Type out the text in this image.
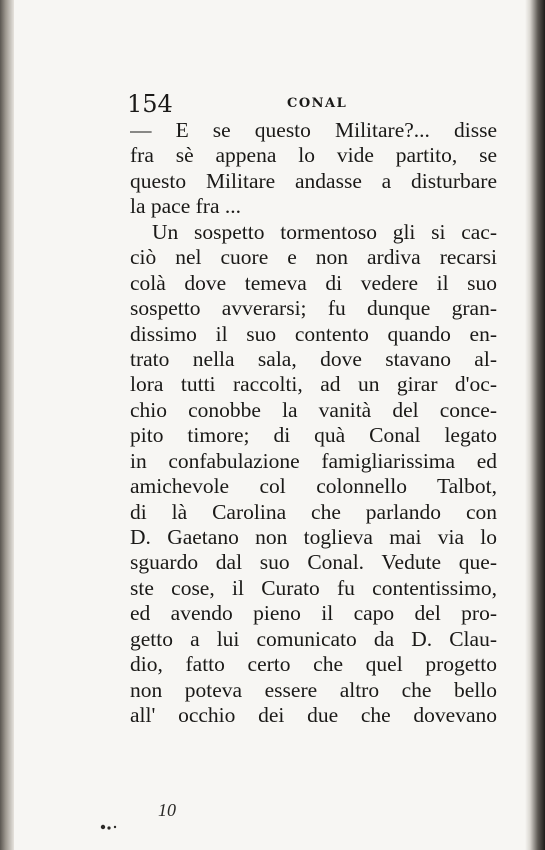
154	CONAL
— E se questo Militare?... disse
fra sè appena lo vide partito, se
questo Militare andasse a disturbare
la pace fra ...
Un sospetto tormentoso gli si cac-
ciò nel cuore e non ardiva recarsi
colà dove temeva di vedere il suo
sospetto avverarsi; fu dunque gran-
dissimo il suo contento quando en-
trato nella sala, dove stavano al-
lora tutti raccolti, ad un girar d'oc-
chio conobbe la vanità del conce-
pito timore; di quà Conal legato
in confabulazione famigliarissima ed
amichevole col colonnello Talbot,
di là Carolina che parlando con
D. Gaetano non toglieva mai via lo
sguardo dal suo Conal. Vedute que-
ste cose, il Curato fu contentissimo,
ed avendo pieno il capo del pro-
getto a lui comunicato da D. Clau-
dio, fatto certo che quel progetto
non poteva essere altro che bello
all' occhio dei due che dovevano
10
